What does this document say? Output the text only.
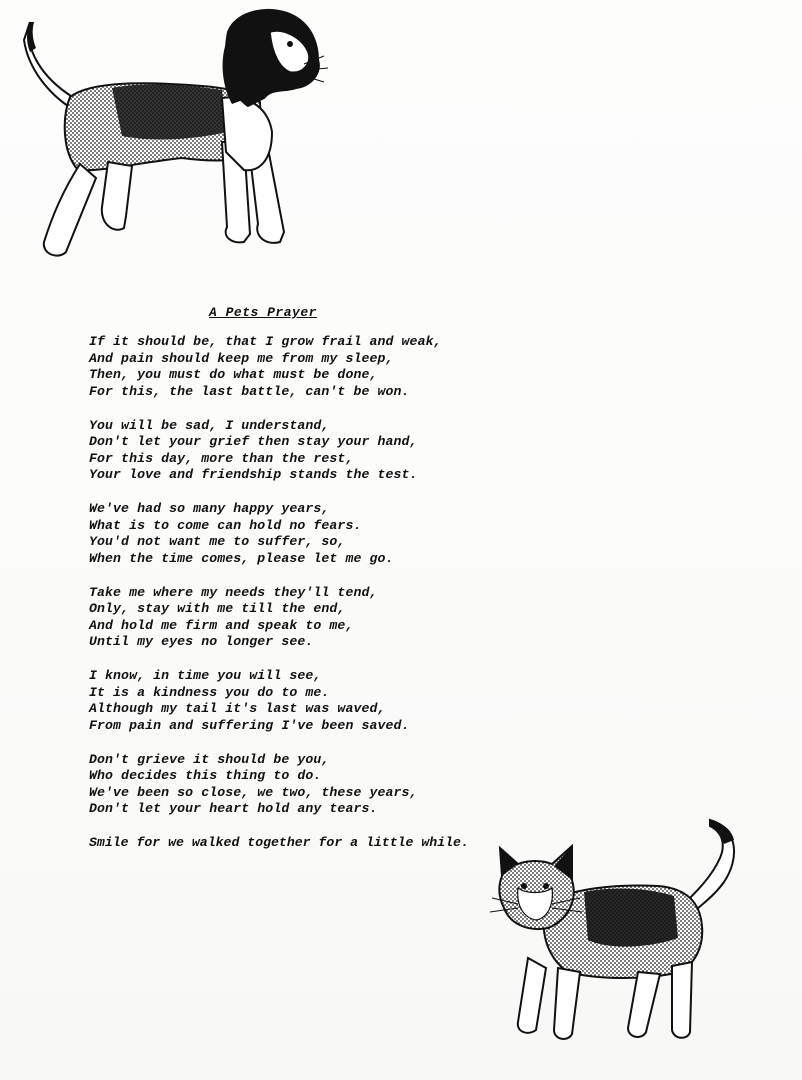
A Pets Prayer
If it should be, that I grow frail and weak,
And pain should keep me from my sleep,
Then, you must do what must be done,
For this, the last battle, can't be won.
You will be sad, I understand,
Don't let your grief then stay your hand,
For this day, more than the rest,
Your love and friendship stands the test.
We've had so many happy years,
What is to come can hold no fears.
You'd not want me to suffer, so,
When the time comes, please let me go.
Take me where my needs they'll tend,
Only, stay with me till the end,
And hold me firm and speak to me,
Until my eyes no longer see.
I know, in time you will see,
It is a kindness you do to me.
Although my tail it's last was waved,
From pain and suffering I've been saved.
Don't grieve it should be you,
Who decides this thing to do.
We've been so close, we two, these years,
Don't let your heart hold any tears.
Smile for we walked together for a little while.
